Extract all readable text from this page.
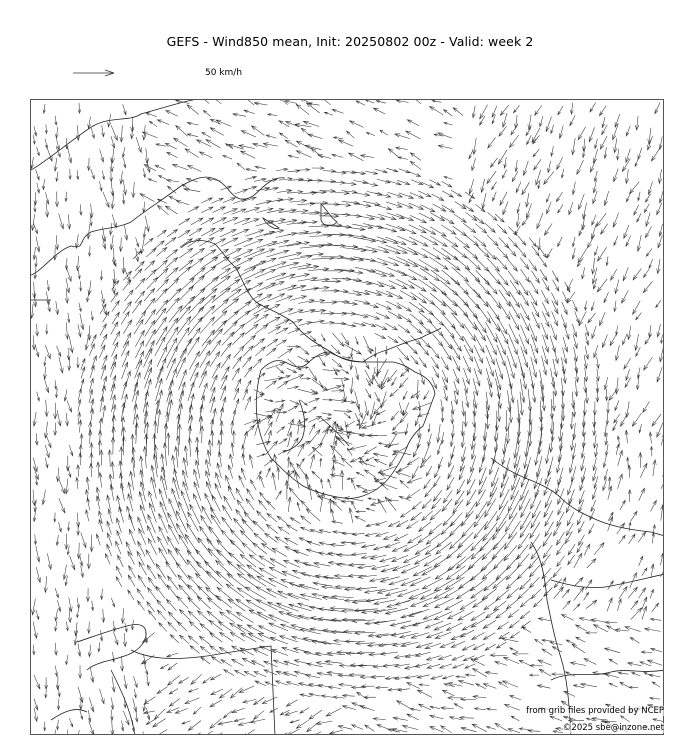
GEFS - Wind850 mean, Init: 20250802 00z - Valid: week 2
50 km/h
from grib files provided by NCEP
©2025 sbe@inzone.net
